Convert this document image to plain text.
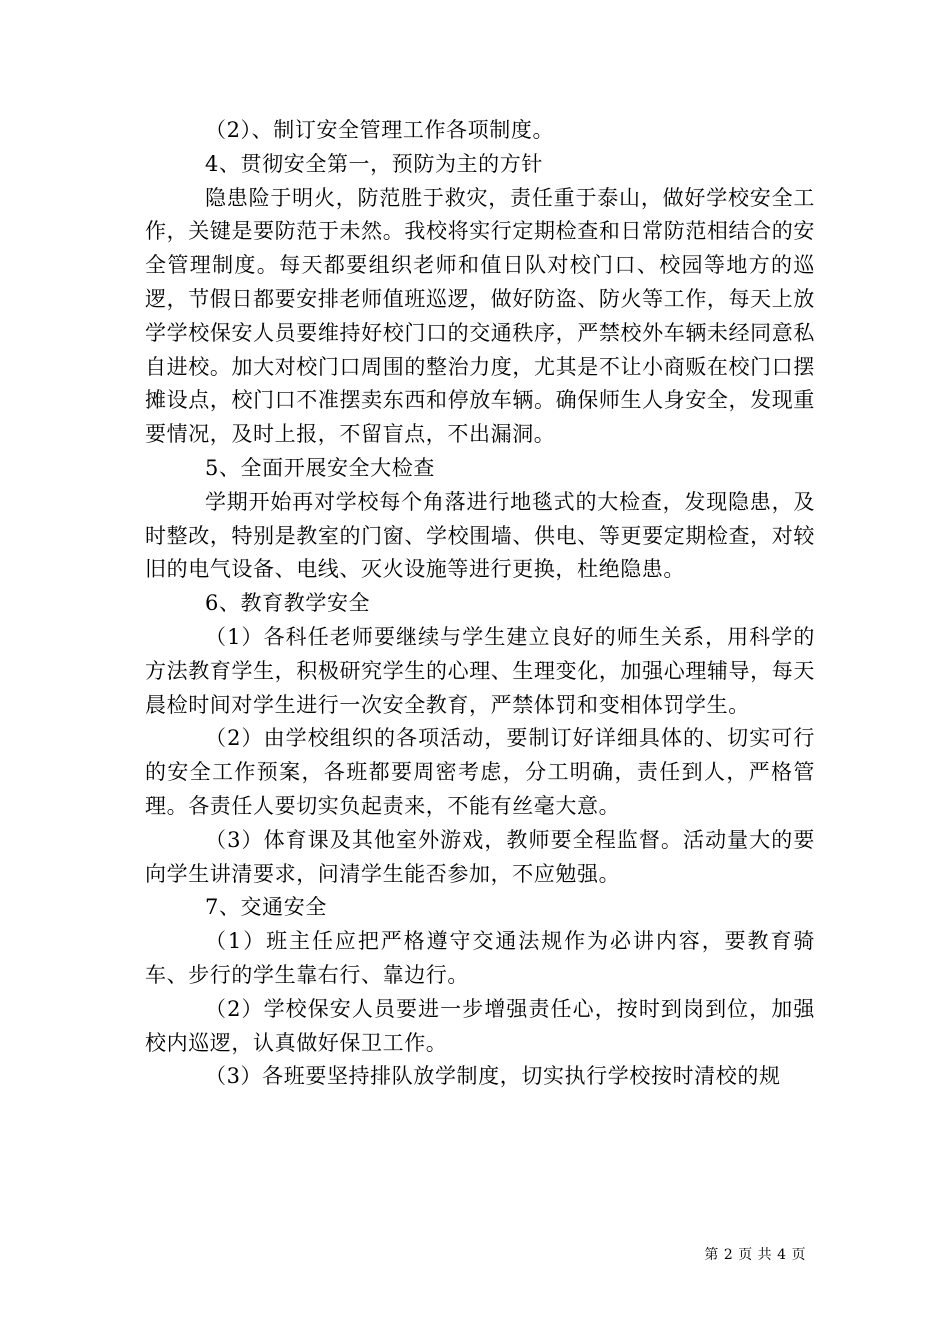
（2）、制订安全管理工作各项制度。

4、贯彻安全第一，预防为主的方针

隐患险于明火，防范胜于救灾，责任重于泰山，做好学校安全工作，关键是要防范于未然。我校将实行定期检查和日常防范相结合的安全管理制度。每天都要组织老师和值日队对校门口、校园等地方的巡逻，节假日都要安排老师值班巡逻，做好防盗、防火等工作，每天上放学学校保安人员要维持好校门口的交通秩序，严禁校外车辆未经同意私自进校。加大对校门口周围的整治力度，尤其是不让小商贩在校门口摆摊设点，校门口不准摆卖东西和停放车辆。确保师生人身安全，发现重要情况，及时上报，不留盲点，不出漏洞。

5、全面开展安全大检查

学期开始再对学校每个角落进行地毯式的大检查，发现隐患，及时整改，特别是教室的门窗、学校围墙、供电、等更要定期检查，对较旧的电气设备、电线、灭火设施等进行更换，杜绝隐患。

6、教育教学安全

（1）各科任老师要继续与学生建立良好的师生关系，用科学的方法教育学生，积极研究学生的心理、生理变化，加强心理辅导，每天晨检时间对学生进行一次安全教育，严禁体罚和变相体罚学生。

（2）由学校组织的各项活动，要制订好详细具体的、切实可行的安全工作预案，各班都要周密考虑，分工明确，责任到人，严格管理。各责任人要切实负起责来，不能有丝毫大意。

（3）体育课及其他室外游戏，教师要全程监督。活动量大的要向学生讲清要求，问清学生能否参加，不应勉强。

7、交通安全

（1）班主任应把严格遵守交通法规作为必讲内容，要教育骑车、步行的学生靠右行、靠边行。

（2）学校保安人员要进一步增强责任心，按时到岗到位，加强校内巡逻，认真做好保卫工作。

（3）各班要坚持排队放学制度，切实执行学校按时清校的规

第 2 页 共 4 页
